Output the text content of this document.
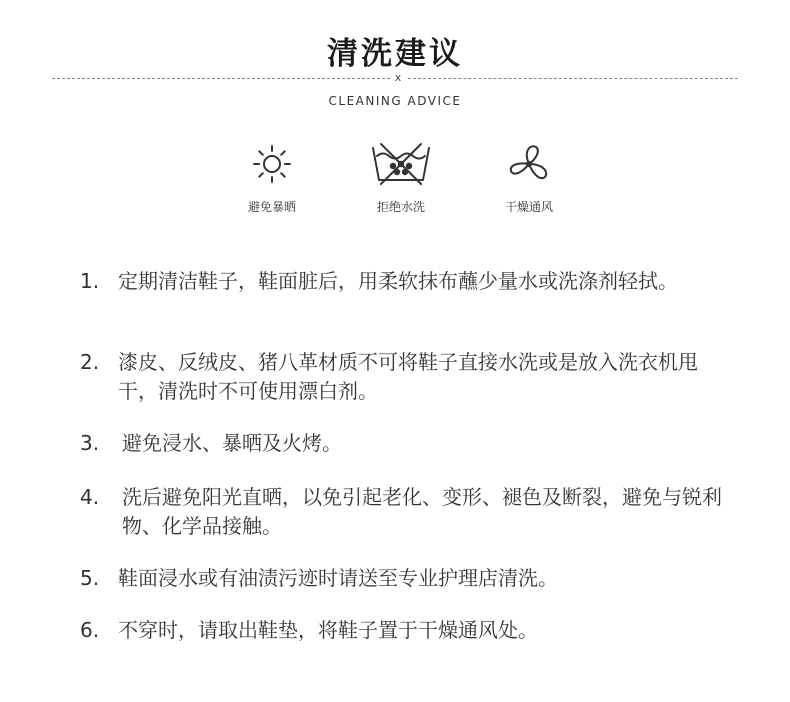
清洗建议
x
CLEANING ADVICE
避免暴晒	拒绝水洗	干燥通风
1. 定期清洁鞋子，鞋面脏后，用柔软抹布蘸少量水或洗涤剂轻拭。
2. 漆皮、反绒皮、猪八革材质不可将鞋子直接水洗或是放入洗衣机甩干，清洗时不可使用漂白剂。
3. 避免浸水、暴晒及火烤。
4. 洗后避免阳光直晒，以免引起老化、变形、褪色及断裂，避免与锐利物、化学品接触。
5. 鞋面浸水或有油渍污迹时请送至专业护理店清洗。
6. 不穿时，请取出鞋垫，将鞋子置于干燥通风处。
